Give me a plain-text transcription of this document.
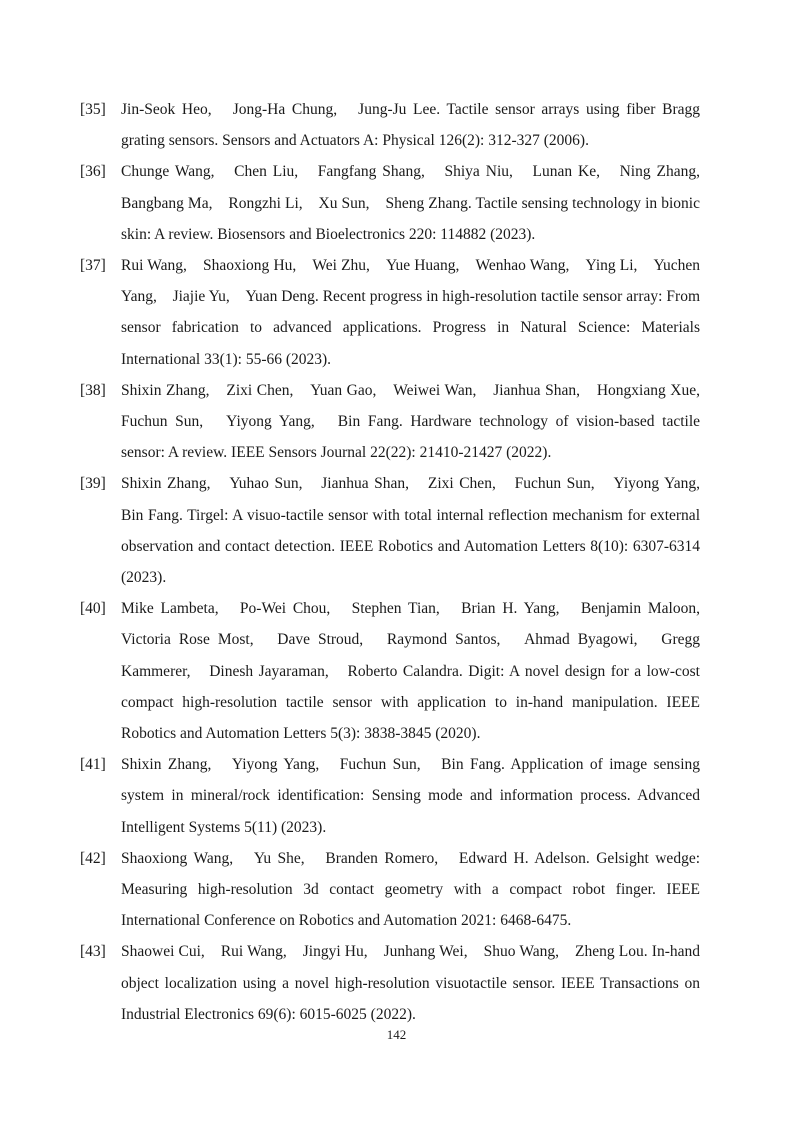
[35] Jin-Seok Heo,　Jong-Ha Chung,　Jung-Ju Lee. Tactile sensor arrays using fiber Bragg grating sensors. Sensors and Actuators A: Physical 126(2): 312-327 (2006).
[36] Chunge Wang,　Chen Liu,　Fangfang Shang,　Shiya Niu,　Lunan Ke,　Ning Zhang,　Bangbang Ma,　Rongzhi Li,　Xu Sun,　Sheng Zhang. Tactile sensing technology in bionic skin: A review. Biosensors and Bioelectronics 220: 114882 (2023).
[37] Rui Wang,　Shaoxiong Hu,　Wei Zhu,　Yue Huang,　Wenhao Wang,　Ying Li,　Yuchen Yang,　Jiajie Yu,　Yuan Deng. Recent progress in high-resolution tactile sensor array: From sensor fabrication to advanced applications. Progress in Natural Science: Materials International 33(1): 55-66 (2023).
[38] Shixin Zhang,　Zixi Chen,　Yuan Gao,　Weiwei Wan,　Jianhua Shan,　Hongxiang Xue,　Fuchun Sun,　Yiyong Yang,　Bin Fang. Hardware technology of vision-based tactile sensor: A review. IEEE Sensors Journal 22(22): 21410-21427 (2022).
[39] Shixin Zhang,　Yuhao Sun,　Jianhua Shan,　Zixi Chen,　Fuchun Sun,　Yiyong Yang,　Bin Fang. Tirgel: A visuo-tactile sensor with total internal reflection mechanism for external observation and contact detection. IEEE Robotics and Automation Letters 8(10): 6307-6314 (2023).
[40] Mike Lambeta,　Po-Wei Chou,　Stephen Tian,　Brian H. Yang,　Benjamin Maloon,　Victoria Rose Most,　Dave Stroud,　Raymond Santos,　Ahmad Byagowi,　Gregg Kammerer,　Dinesh Jayaraman,　Roberto Calandra. Digit: A novel design for a low-cost compact high-resolution tactile sensor with application to in-hand manipulation. IEEE Robotics and Automation Letters 5(3): 3838-3845 (2020).
[41] Shixin Zhang,　Yiyong Yang,　Fuchun Sun,　Bin Fang. Application of image sensing system in mineral/rock identification: Sensing mode and information process. Advanced Intelligent Systems 5(11) (2023).
[42] Shaoxiong Wang,　Yu She,　Branden Romero,　Edward H. Adelson. Gelsight wedge: Measuring high-resolution 3d contact geometry with a compact robot finger. IEEE International Conference on Robotics and Automation 2021: 6468-6475.
[43] Shaowei Cui,　Rui Wang,　Jingyi Hu,　Junhang Wei,　Shuo Wang,　Zheng Lou. In-hand object localization using a novel high-resolution visuotactile sensor. IEEE Transactions on Industrial Electronics 69(6): 6015-6025 (2022).
142
